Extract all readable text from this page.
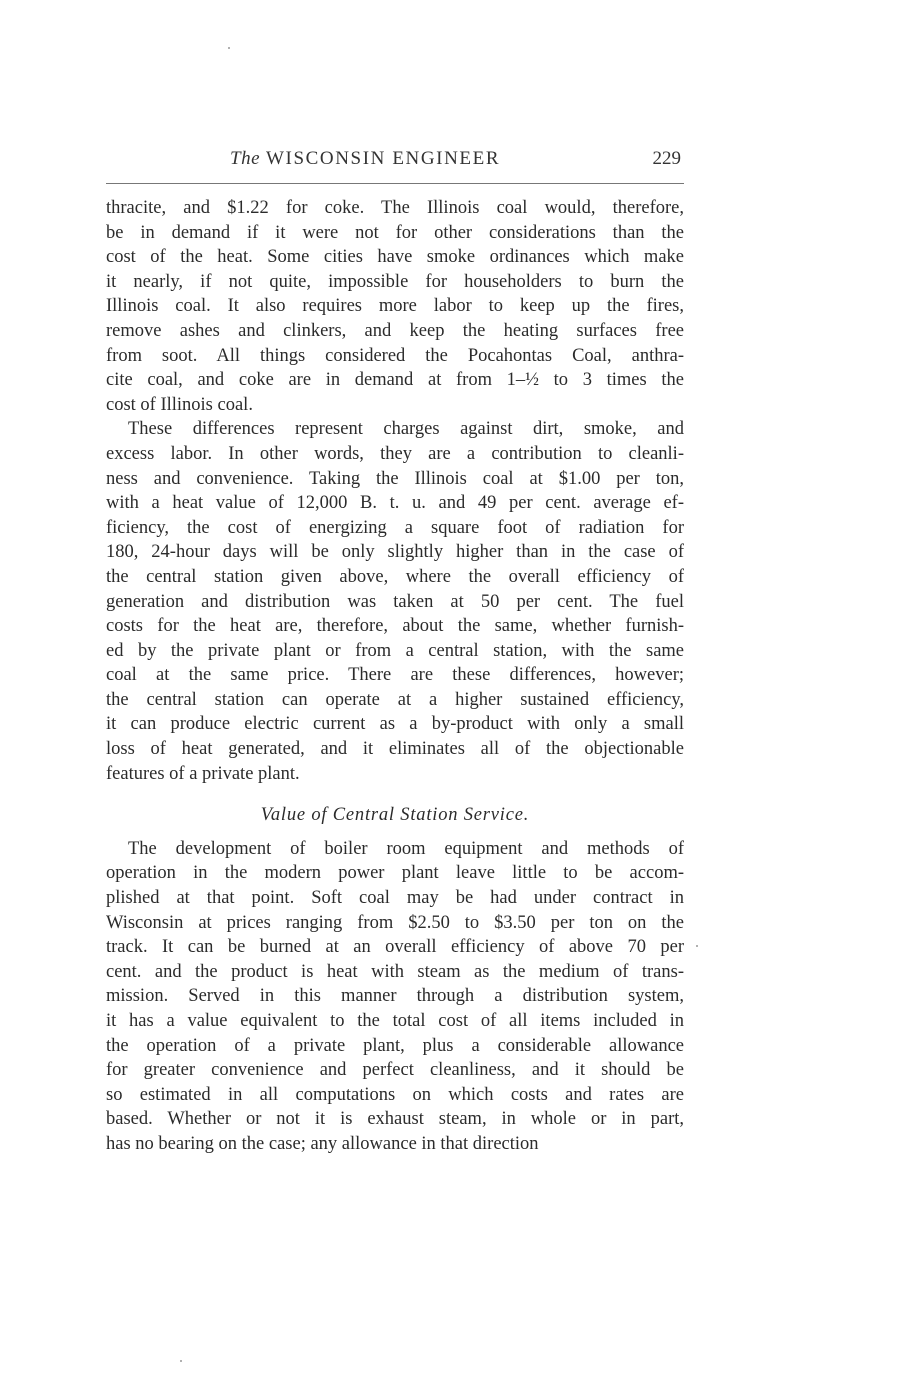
The WISCONSIN ENGINEER	229

thracite, and $1.22 for coke. The Illinois coal would, therefore,
be in demand if it were not for other considerations than the
cost of the heat. Some cities have smoke ordinances which make
it nearly, if not quite, impossible for householders to burn the
Illinois coal. It also requires more labor to keep up the fires,
remove ashes and clinkers, and keep the heating surfaces free
from soot. All things considered the Pocahontas Coal, anthra-
cite coal, and coke are in demand at from 1–½ to 3 times the
cost of Illinois coal.

These differences represent charges against dirt, smoke, and
excess labor. In other words, they are a contribution to cleanli-
ness and convenience. Taking the Illinois coal at $1.00 per ton,
with a heat value of 12,000 B. t. u. and 49 per cent. average ef-
ficiency, the cost of energizing a square foot of radiation for
180, 24-hour days will be only slightly higher than in the case of
the central station given above, where the overall efficiency of
generation and distribution was taken at 50 per cent. The fuel
costs for the heat are, therefore, about the same, whether furnish-
ed by the private plant or from a central station, with the same
coal at the same price. There are these differences, however;
the central station can operate at a higher sustained efficiency,
it can produce electric current as a by-product with only a small
loss of heat generated, and it eliminates all of the objectionable
features of a private plant.

Value of Central Station Service.

The development of boiler room equipment and methods of
operation in the modern power plant leave little to be accom-
plished at that point. Soft coal may be had under contract in
Wisconsin at prices ranging from $2.50 to $3.50 per ton on the
track. It can be burned at an overall efficiency of above 70 per
cent. and the product is heat with steam as the medium of trans-
mission. Served in this manner through a distribution system,
it has a value equivalent to the total cost of all items included in
the operation of a private plant, plus a considerable allowance
for greater convenience and perfect cleanliness, and it should be
so estimated in all computations on which costs and rates are
based. Whether or not it is exhaust steam, in whole or in part,
has no bearing on the case; any allowance in that direction
